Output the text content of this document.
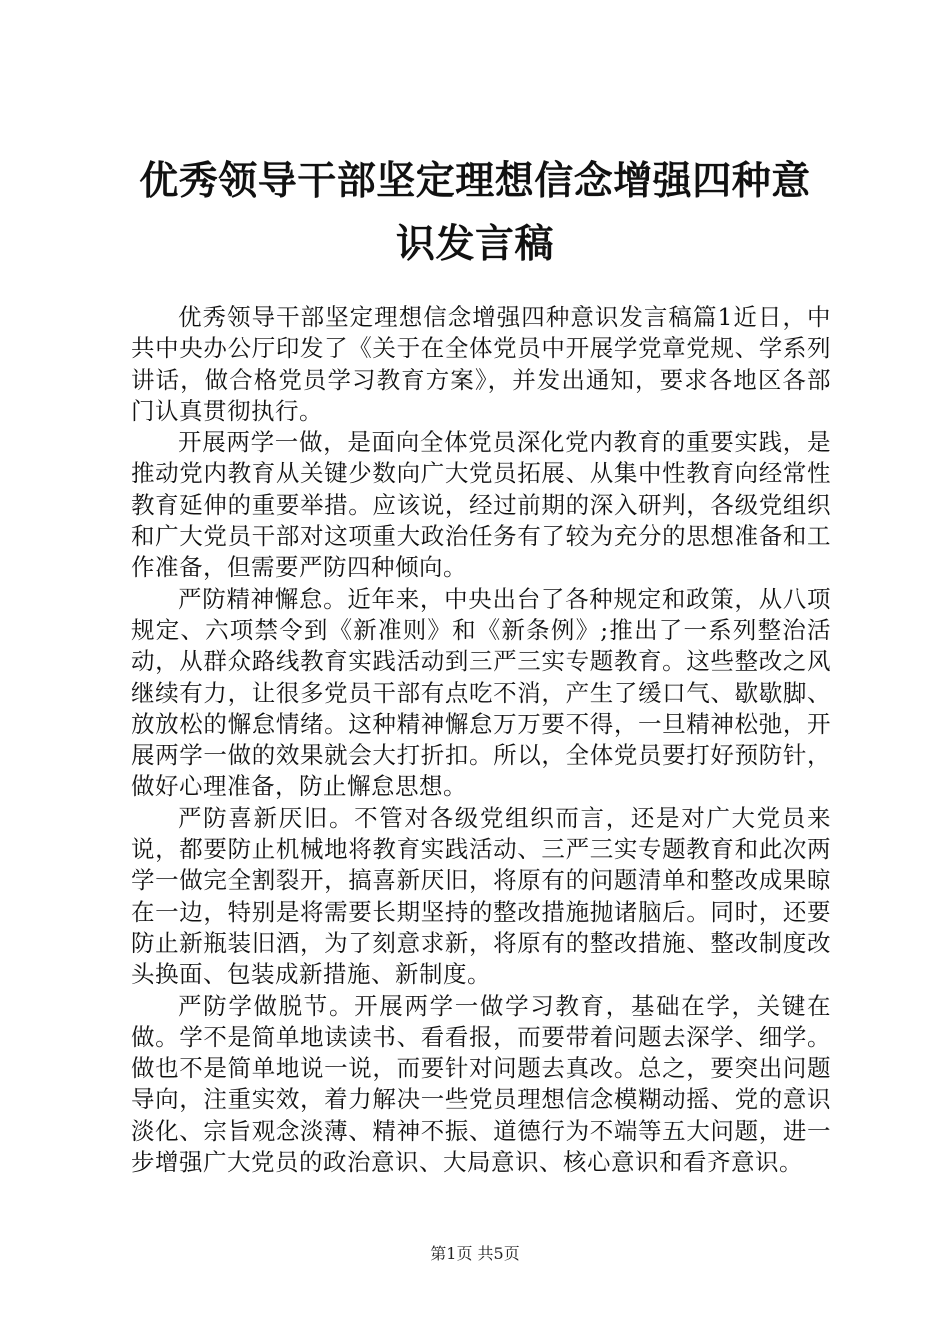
优秀领导干部坚定理想信念增强四种意识发言稿

优秀领导干部坚定理想信念增强四种意识发言稿篇1近日，中共中央办公厅印发了《关于在全体党员中开展学党章党规、学系列讲话，做合格党员学习教育方案》，并发出通知，要求各地区各部门认真贯彻执行。

开展两学一做，是面向全体党员深化党内教育的重要实践，是推动党内教育从关键少数向广大党员拓展、从集中性教育向经常性教育延伸的重要举措。应该说，经过前期的深入研判，各级党组织和广大党员干部对这项重大政治任务有了较为充分的思想准备和工作准备，但需要严防四种倾向。

严防精神懈怠。近年来，中央出台了各种规定和政策，从八项规定、六项禁令到《新准则》和《新条例》;推出了一系列整治活动，从群众路线教育实践活动到三严三实专题教育。这些整改之风继续有力，让很多党员干部有点吃不消，产生了缓口气、歇歇脚、放放松的懈怠情绪。这种精神懈怠万万要不得，一旦精神松弛，开展两学一做的效果就会大打折扣。所以，全体党员要打好预防针，做好心理准备，防止懈怠思想。

严防喜新厌旧。不管对各级党组织而言，还是对广大党员来说，都要防止机械地将教育实践活动、三严三实专题教育和此次两学一做完全割裂开，搞喜新厌旧，将原有的问题清单和整改成果晾在一边，特别是将需要长期坚持的整改措施抛诸脑后。同时，还要防止新瓶装旧酒，为了刻意求新，将原有的整改措施、整改制度改头换面、包装成新措施、新制度。

严防学做脱节。开展两学一做学习教育，基础在学，关键在做。学不是简单地读读书、看看报，而要带着问题去深学、细学。做也不是简单地说一说，而要针对问题去真改。总之，要突出问题导向，注重实效，着力解决一些党员理想信念模糊动摇、党的意识淡化、宗旨观念淡薄、精神不振、道德行为不端等五大问题，进一步增强广大党员的政治意识、大局意识、核心意识和看齐意识。

第1页 共5页
